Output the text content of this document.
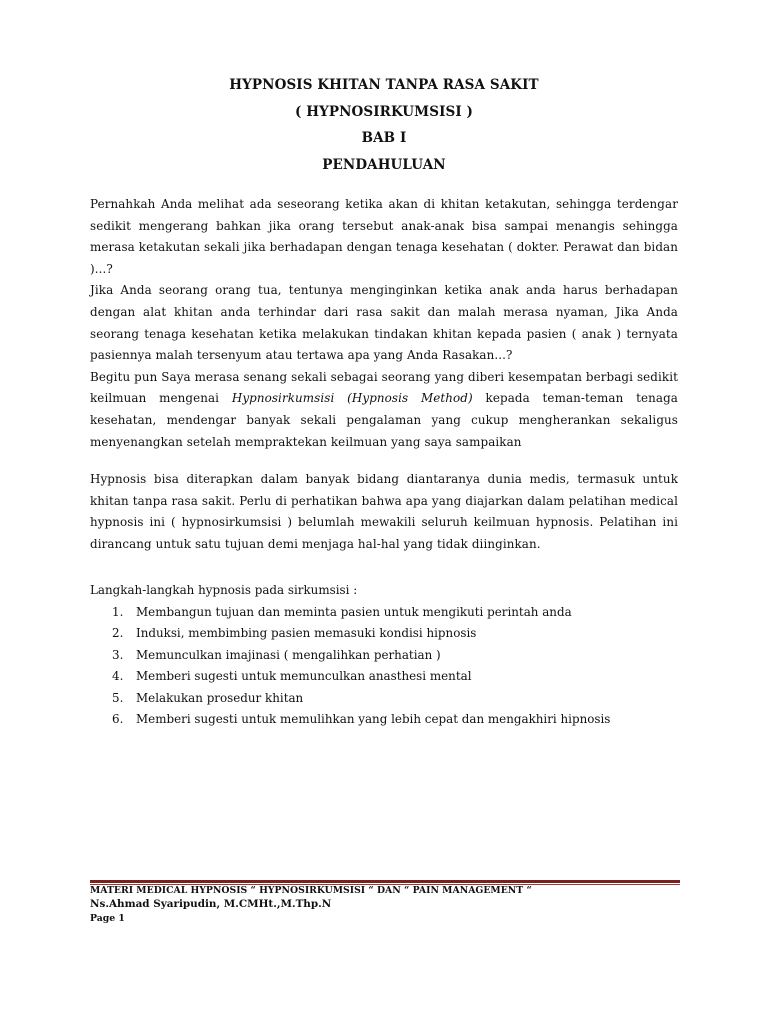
HYPNOSIS KHITAN TANPA RASA SAKIT
( HYPNOSIRKUMSISI )
BAB I
PENDAHULUAN

Pernahkah Anda melihat ada seseorang ketika akan di khitan ketakutan, sehingga terdengar sedikit mengerang bahkan jika orang tersebut anak-anak bisa sampai menangis sehingga merasa ketakutan sekali jika berhadapan dengan tenaga kesehatan ( dokter. Perawat dan bidan )...?

Jika Anda seorang orang tua, tentunya menginginkan ketika anak anda harus berhadapan dengan alat khitan anda terhindar dari rasa sakit dan malah merasa nyaman, Jika Anda seorang tenaga kesehatan ketika melakukan tindakan khitan kepada pasien ( anak ) ternyata pasiennya malah tersenyum atau tertawa apa yang Anda Rasakan...?

Begitu pun Saya merasa senang sekali sebagai seorang yang diberi kesempatan berbagi sedikit keilmuan mengenai Hypnosirkumsisi (Hypnosis Method) kepada teman-teman tenaga kesehatan, mendengar banyak sekali pengalaman yang cukup mengherankan sekaligus menyenangkan setelah mempraktekan keilmuan yang saya sampaikan

Hypnosis bisa diterapkan dalam banyak bidang diantaranya dunia medis, termasuk untuk khitan tanpa rasa sakit. Perlu di perhatikan bahwa apa yang diajarkan dalam pelatihan medical hypnosis ini ( hypnosirkumsisi ) belumlah mewakili seluruh keilmuan hypnosis. Pelatihan ini dirancang untuk satu tujuan demi menjaga hal-hal yang tidak diinginkan.

Langkah-langkah hypnosis pada sirkumsisi :
1. Membangun tujuan dan meminta pasien untuk mengikuti perintah anda
2. Induksi, membimbing pasien memasuki kondisi hipnosis
3. Memunculkan imajinasi ( mengalihkan perhatian )
4. Memberi sugesti untuk memunculkan anasthesi mental
5. Melakukan prosedur khitan
6. Memberi sugesti untuk memulihkan yang lebih cepat dan mengakhiri hipnosis
MATERI MEDICAL HYPNOSIS “ HYPNOSIRKUMSISI “ DAN “ PAIN MANAGEMENT “
Ns.Ahmad Syaripudin, M.CMHt.,M.Thp.N
Page 1
